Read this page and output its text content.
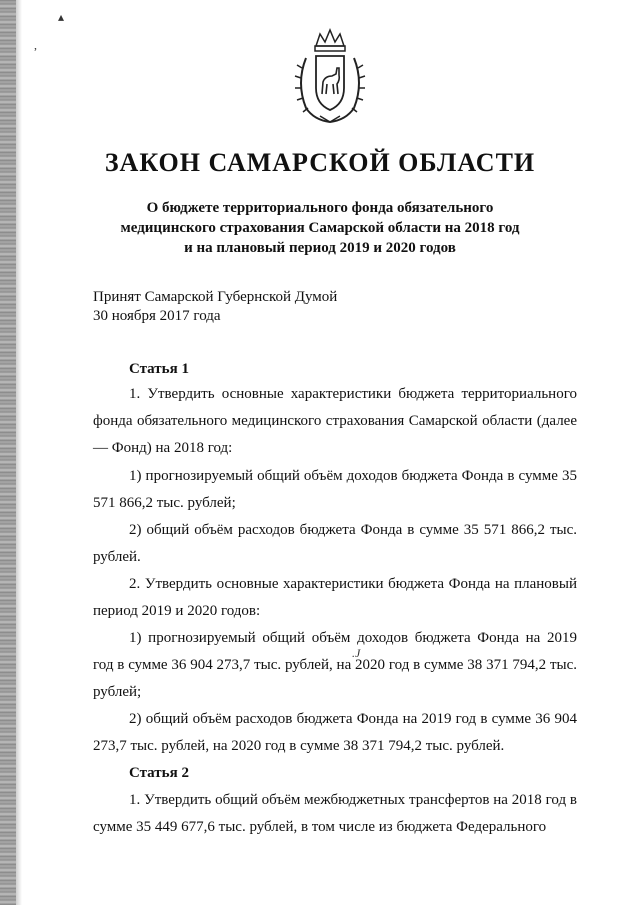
ЗАКОН САМАРСКОЙ ОБЛАСТИ
О бюджете территориального фонда обязательного
медицинского страхования Самарской области на 2018 год
и на плановый период 2019 и 2020 годов
Принят Самарской Губернской Думой
30 ноября 2017 года
Статья 1
1. Утвердить основные характеристики бюджета территориального фонда обязательного медицинского страхования Самарской области (далее — Фонд) на 2018 год:
1) прогнозируемый общий объём доходов бюджета Фонда в сумме 35 571 866,2 тыс. рублей;
2) общий объём расходов бюджета Фонда в сумме 35 571 866,2 тыс. рублей.
2. Утвердить основные характеристики бюджета Фонда на плановый период 2019 и 2020 годов:
1) прогнозируемый общий объём доходов бюджета Фонда на 2019 год в сумме 36 904 273,7 тыс. рублей, на 2020 год в сумме 38 371 794,2 тыс. рублей;
2) общий объём расходов бюджета Фонда на 2019 год в сумме 36 904 273,7 тыс. рублей, на 2020 год в сумме 38 371 794,2 тыс. рублей.
Статья 2
1. Утвердить общий объём межбюджетных трансфертов на 2018 год в сумме 35 449 677,6 тыс. рублей, в том числе из бюджета Федерального
▴
,
.J
